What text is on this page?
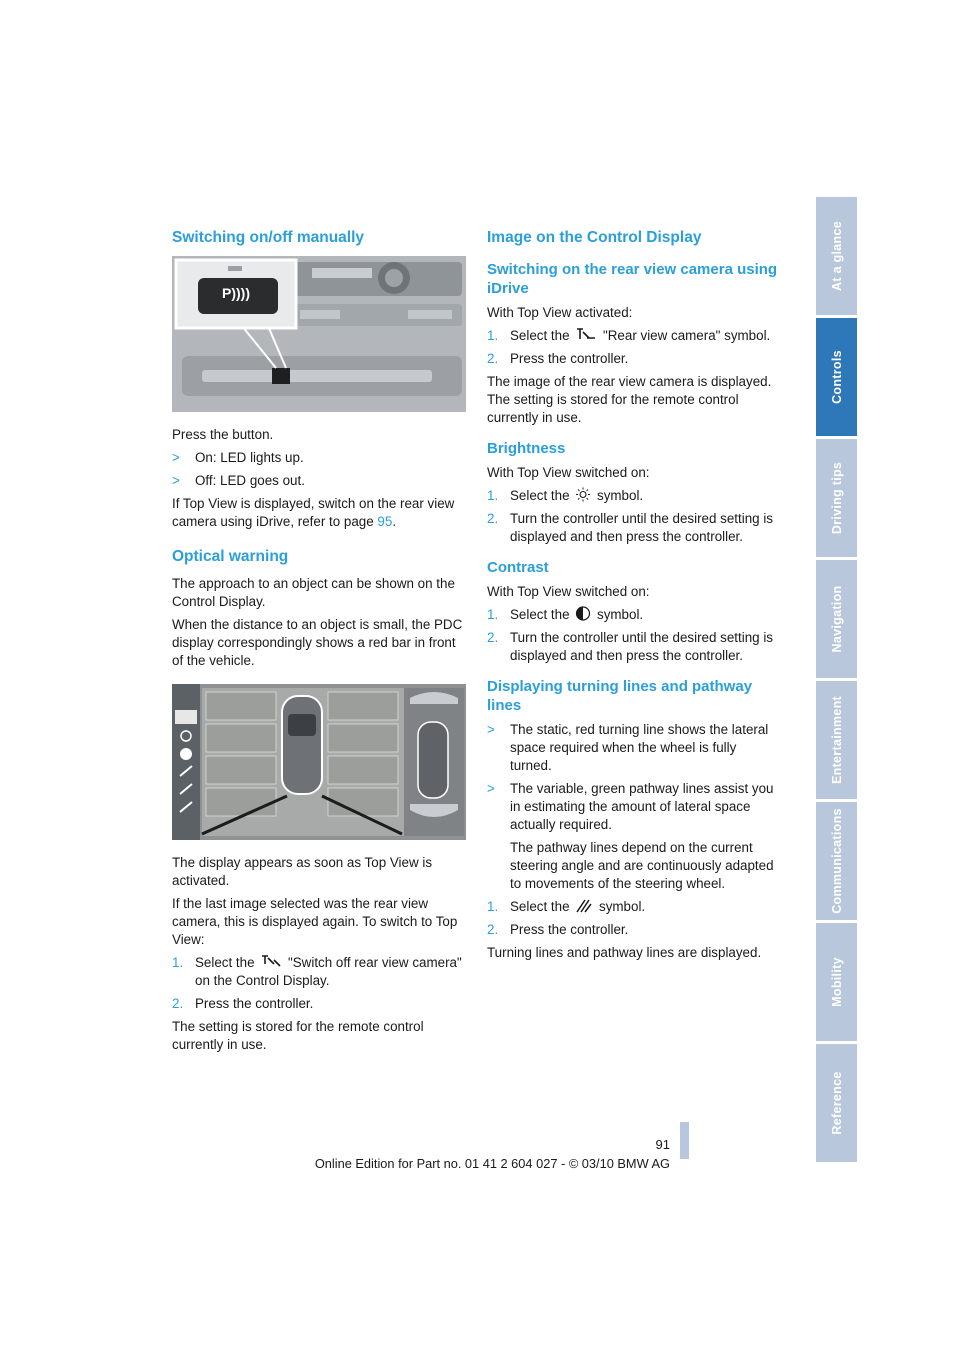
At a glance
Controls
Driving tips
Navigation
Entertainment
Communications
Mobility
Reference
Switching on/off manually
P))))

Press the button.

> On: LED lights up.
> Off: LED goes out.

If Top View is displayed, switch on the rear view camera using iDrive, refer to page 95.

Optical warning

The approach to an object can be shown on the Control Display.

When the distance to an object is small, the PDC display correspondingly shows a red bar in front of the vehicle.

The display appears as soon as Top View is activated.

If the last image selected was the rear view camera, this is displayed again. To switch to Top View:

1. Select the  "Switch off rear view camera" on the Control Display.
2. Press the controller.

The setting is stored for the remote control currently in use.

Image on the Control Display
Switching on the rear view camera using iDrive

With Top View activated:

1. Select the  "Rear view camera" symbol.
2. Press the controller.

The image of the rear view camera is displayed. The setting is stored for the remote control currently in use.

Brightness

With Top View switched on:

1. Select the  symbol.
2. Turn the controller until the desired setting is displayed and then press the controller.
Contrast

With Top View switched on:

1. Select the  symbol.
2. Turn the controller until the desired setting is displayed and then press the controller.
Displaying turning lines and pathway lines
> The static, red turning line shows the lateral space required when the wheel is fully turned.
> The variable, green pathway lines assist you in estimating the amount of lateral space actually required.

The pathway lines depend on the current steering angle and are continuously adapted to movements of the steering wheel.

1. Select the  symbol.
2. Press the controller.

Turning lines and pathway lines are displayed.

91
Online Edition for Part no. 01 41 2 604 027 - © 03/10 BMW AG
